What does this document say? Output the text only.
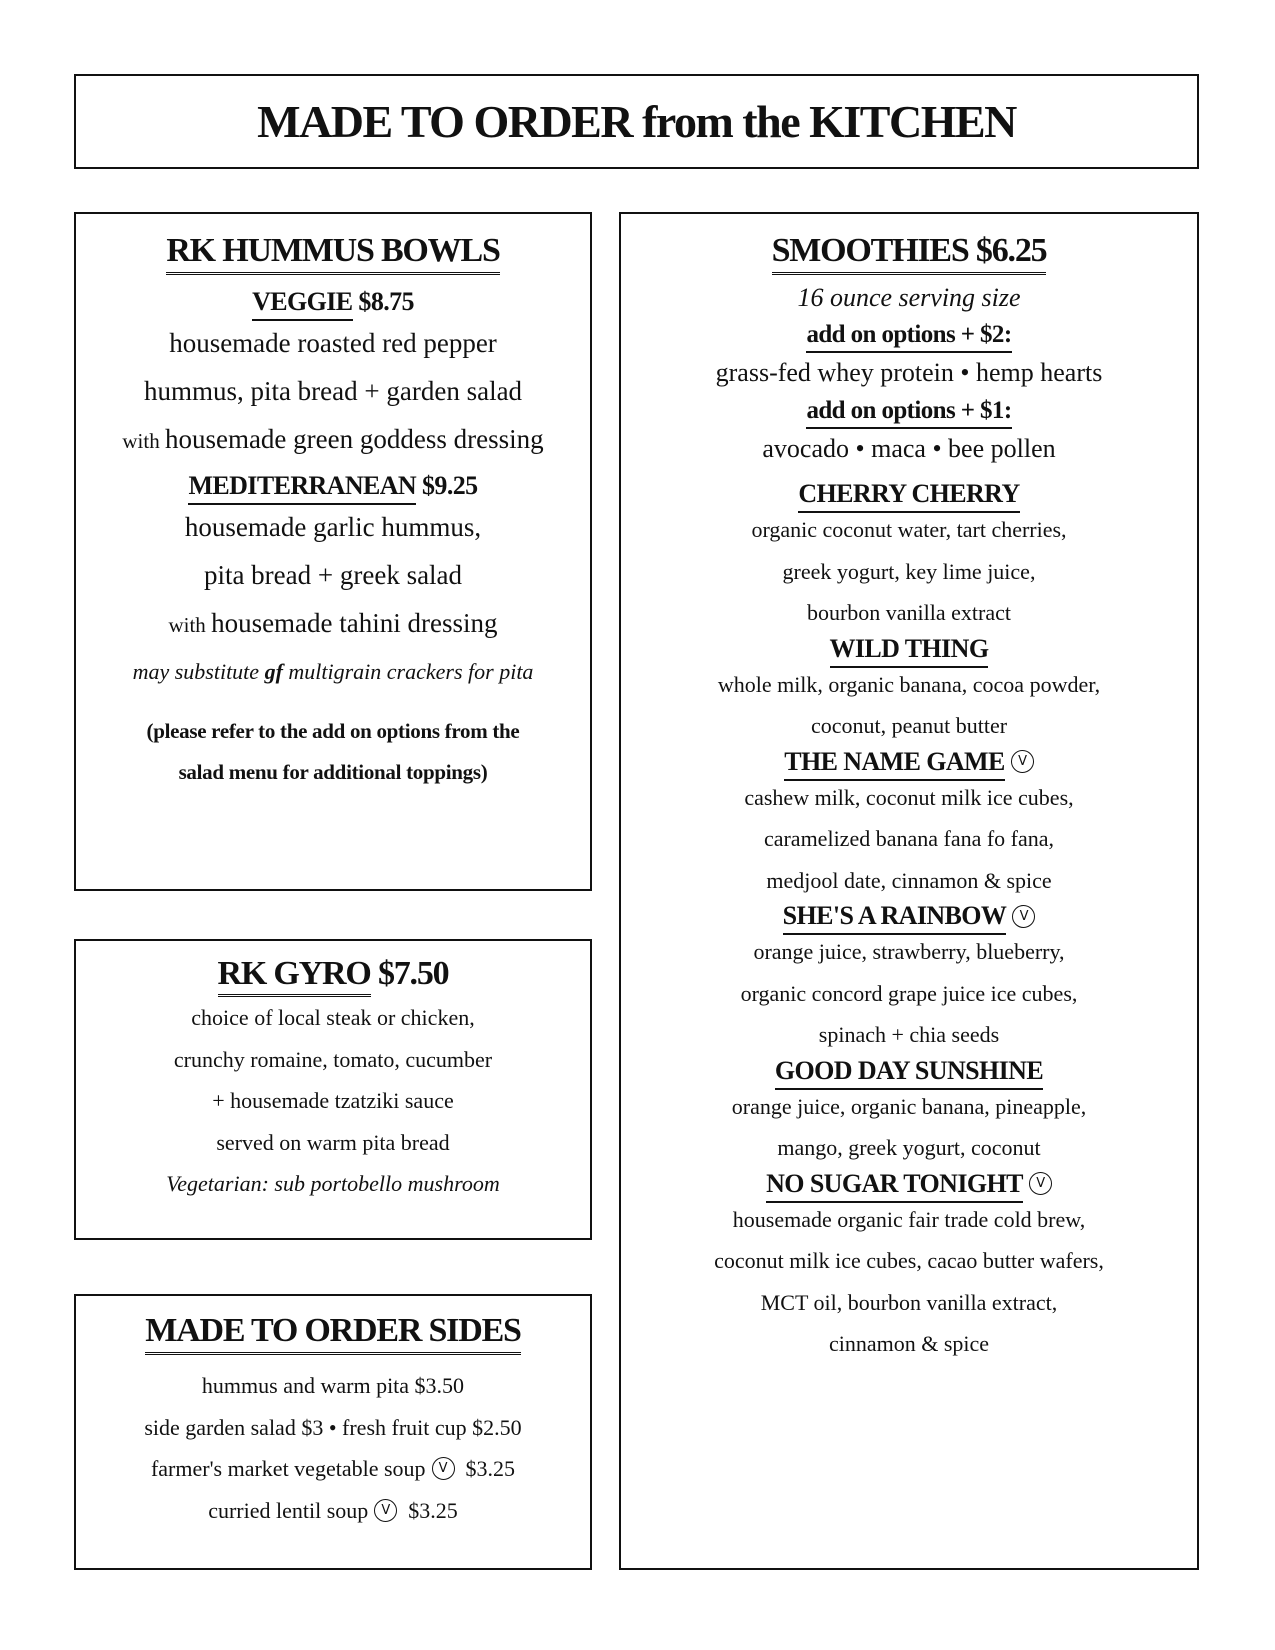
MADE TO ORDER from the KITCHEN
RK HUMMUS BOWLS
VEGGIE $8.75

housemade roasted red pepper

hummus, pita bread + garden salad

with housemade green goddess dressing

MEDITERRANEAN $9.25

housemade garlic hummus,

pita bread + greek salad

with housemade tahini dressing

may substitute gf multigrain crackers for pita

(please refer to the add on options from the

salad menu for additional toppings)

RK GYRO $7.50

choice of local steak or chicken,

crunchy romaine, tomato, cucumber

+ housemade tzatziki sauce

served on warm pita bread

Vegetarian: sub portobello mushroom

MADE TO ORDER SIDES

hummus and warm pita $3.50

side garden salad $3 • fresh fruit cup $2.50

farmer's market vegetable soup V $3.25

curried lentil soup V $3.25

SMOOTHIES $6.25

16 ounce serving size

add on options + $2:

grass-fed whey protein • hemp hearts

add on options + $1:

avocado • maca • bee pollen

CHERRY CHERRY

organic coconut water, tart cherries,

greek yogurt, key lime juice,

bourbon vanilla extract

WILD THING

whole milk, organic banana, cocoa powder,

coconut, peanut butter

THE NAME GAME V

cashew milk, coconut milk ice cubes,

caramelized banana fana fo fana,

medjool date, cinnamon & spice

SHE'S A RAINBOW V

orange juice, strawberry, blueberry,

organic concord grape juice ice cubes,

spinach + chia seeds

GOOD DAY SUNSHINE

orange juice, organic banana, pineapple,

mango, greek yogurt, coconut

NO SUGAR TONIGHT V

housemade organic fair trade cold brew,

coconut milk ice cubes, cacao butter wafers,

MCT oil, bourbon vanilla extract,

cinnamon & spice
